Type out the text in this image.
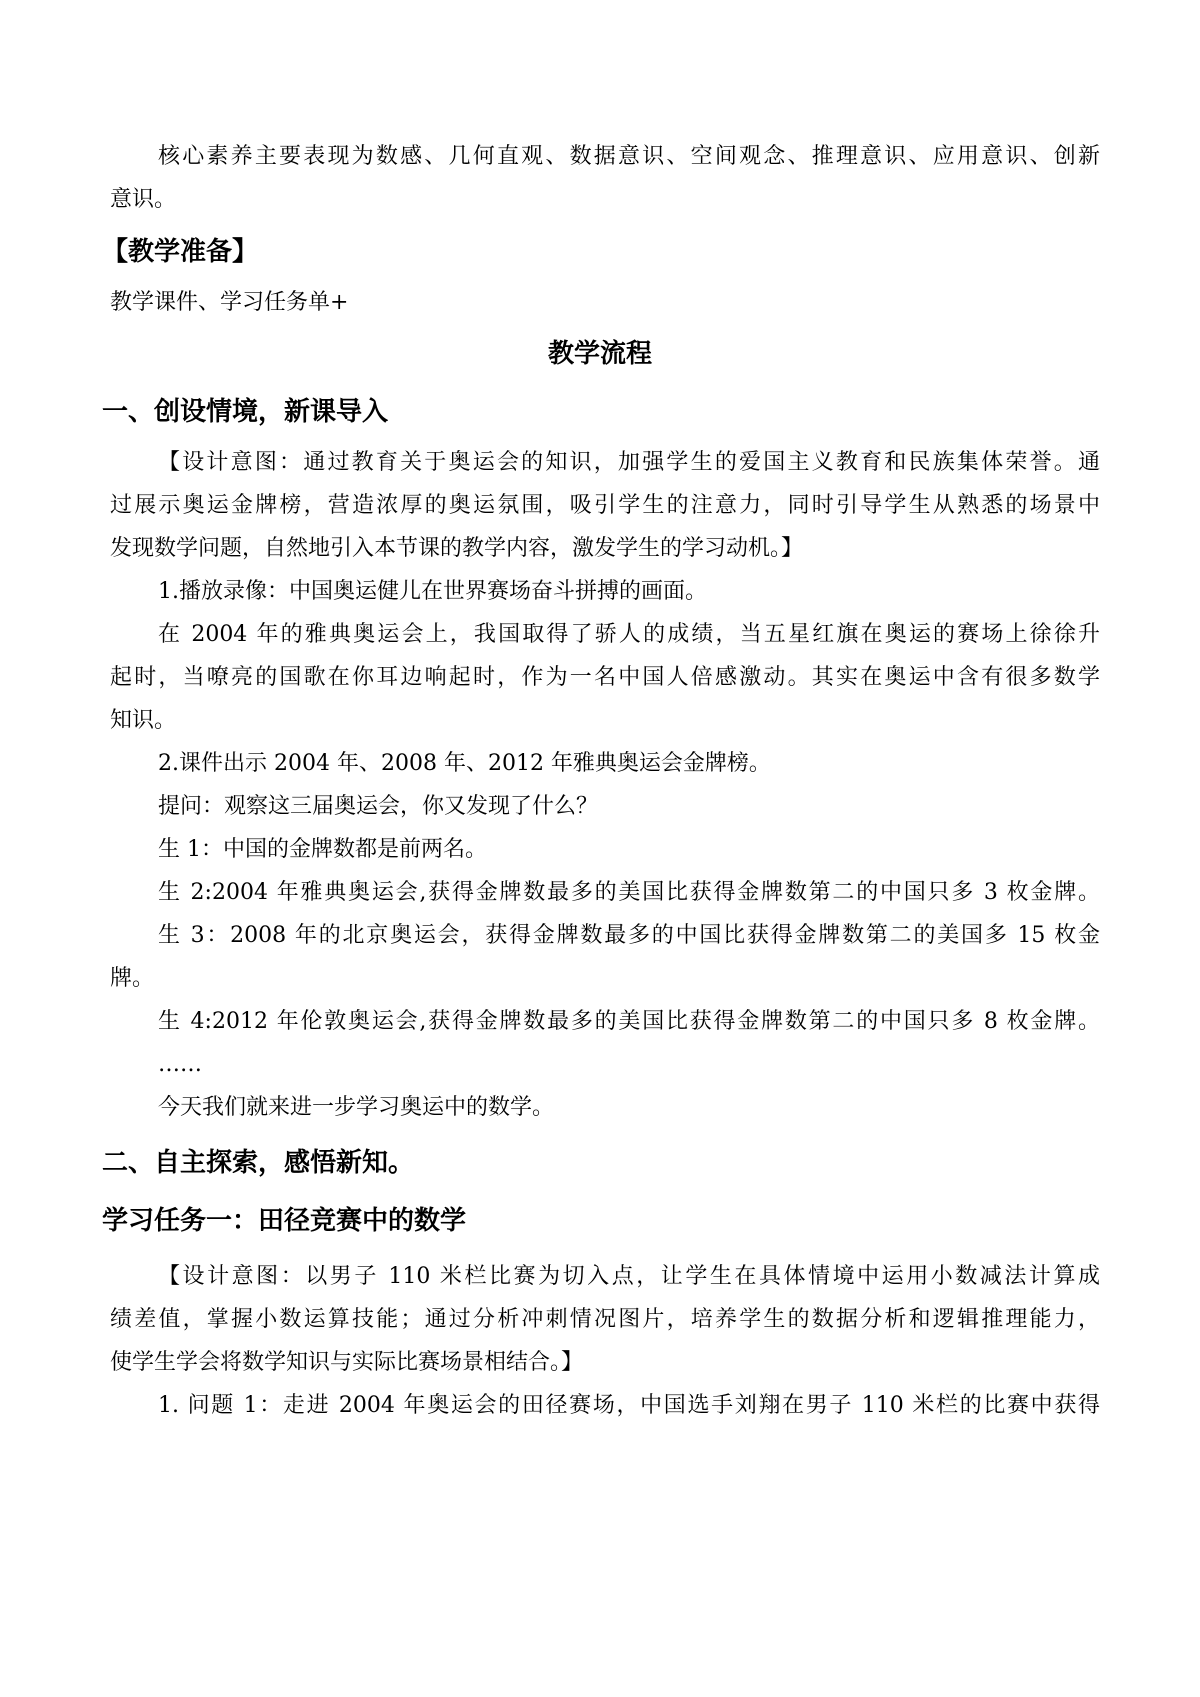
核心素养主要表现为数感、几何直观、数据意识、空间观念、推理意识、应用意识、创新
意识。
【教学准备】
教学课件、学习任务单+
教学流程
一、创设情境，新课导入
【设计意图：通过教育关于奥运会的知识，加强学生的爱国主义教育和民族集体荣誉。通
过展示奥运金牌榜，营造浓厚的奥运氛围，吸引学生的注意力，同时引导学生从熟悉的场景中
发现数学问题，自然地引入本节课的教学内容，激发学生的学习动机。】
1.播放录像：中国奥运健儿在世界赛场奋斗拼搏的画面。
在 2004 年的雅典奥运会上，我国取得了骄人的成绩，当五星红旗在奥运的赛场上徐徐升
起时，当嘹亮的国歌在你耳边响起时，作为一名中国人倍感激动。其实在奥运中含有很多数学
知识。
2.课件出示 2004 年、2008 年、2012 年雅典奥运会金牌榜。
提问：观察这三届奥运会，你又发现了什么？
生 1：中国的金牌数都是前两名。
生 2:2004 年雅典奥运会,获得金牌数最多的美国比获得金牌数第二的中国只多 3 枚金牌。
生 3：2008 年的北京奥运会，获得金牌数最多的中国比获得金牌数第二的美国多 15 枚金
牌。
生 4:2012 年伦敦奥运会,获得金牌数最多的美国比获得金牌数第二的中国只多 8 枚金牌。
……
今天我们就来进一步学习奥运中的数学。
二、自主探索，感悟新知。
学习任务一：田径竞赛中的数学
【设计意图：以男子 110 米栏比赛为切入点，让学生在具体情境中运用小数减法计算成
绩差值，掌握小数运算技能；通过分析冲刺情况图片，培养学生的数据分析和逻辑推理能力，
使学生学会将数学知识与实际比赛场景相结合。】
1. 问题 1：走进 2004 年奥运会的田径赛场，中国选手刘翔在男子 110 米栏的比赛中获得
